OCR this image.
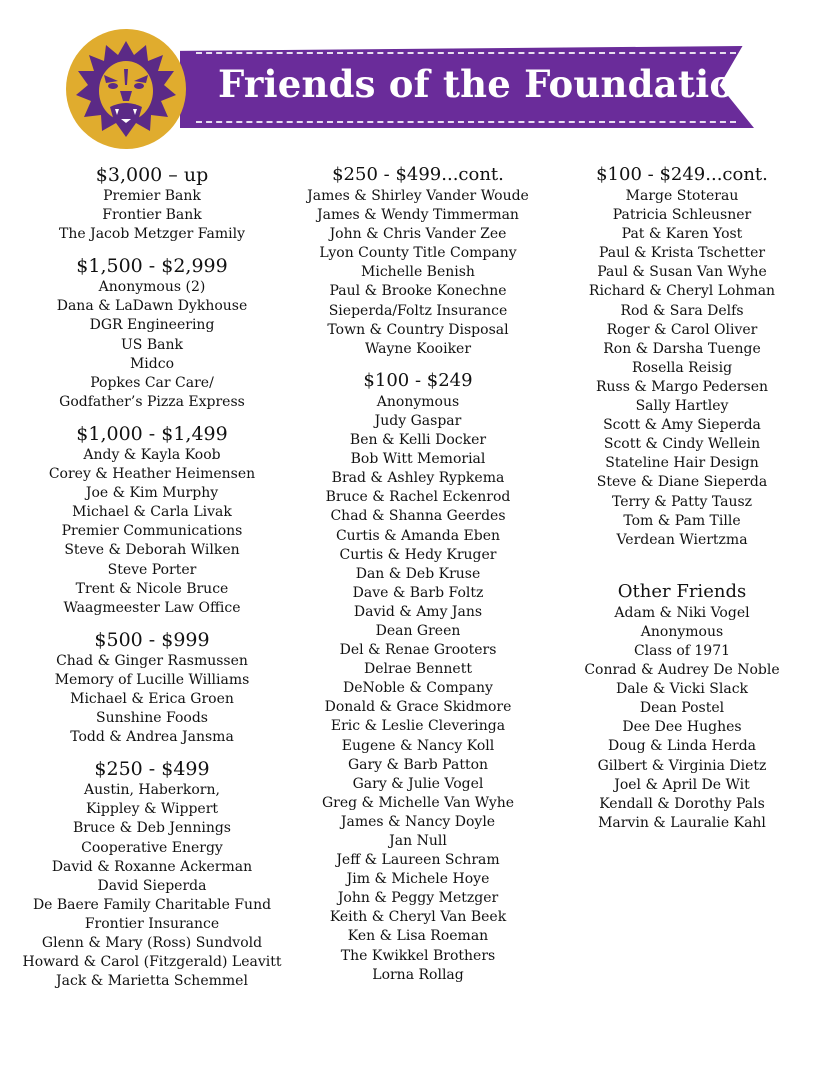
Friends of the Foundation
$3,000 – up
Premier Bank
Frontier Bank
The Jacob Metzger Family
$1,500 - $2,999
Anonymous (2)
Dana & LaDawn Dykhouse
DGR Engineering
US Bank
Midco
Popkes Car Care/
Godfather’s Pizza Express
$1,000 - $1,499
Andy & Kayla Koob
Corey & Heather Heimensen
Joe & Kim Murphy
Michael & Carla Livak
Premier Communications
Steve & Deborah Wilken
Steve Porter
Trent & Nicole Bruce
Waagmeester Law Office
$500 - $999
Chad & Ginger Rasmussen
Memory of Lucille Williams
Michael & Erica Groen
Sunshine Foods
Todd & Andrea Jansma
$250 - $499
Austin, Haberkorn,
Kippley & Wippert
Bruce & Deb Jennings
Cooperative Energy
David & Roxanne Ackerman
David Sieperda
De Baere Family Charitable Fund
Frontier Insurance
Glenn & Mary (Ross) Sundvold
Howard & Carol (Fitzgerald) Leavitt
Jack & Marietta Schemmel
$250 - $499...cont.
James & Shirley Vander Woude
James & Wendy Timmerman
John & Chris Vander Zee
Lyon County Title Company
Michelle Benish
Paul & Brooke Konechne
Sieperda/Foltz Insurance
Town & Country Disposal
Wayne Kooiker
$100 - $249
Anonymous
Judy Gaspar
Ben & Kelli Docker
Bob Witt Memorial
Brad & Ashley Rypkema
Bruce & Rachel Eckenrod
Chad & Shanna Geerdes
Curtis & Amanda Eben
Curtis & Hedy Kruger
Dan & Deb Kruse
Dave & Barb Foltz
David & Amy Jans
Dean Green
Del & Renae Grooters
Delrae Bennett
DeNoble & Company
Donald & Grace Skidmore
Eric & Leslie Cleveringa
Eugene & Nancy Koll
Gary & Barb Patton
Gary & Julie Vogel
Greg & Michelle Van Wyhe
James & Nancy Doyle
Jan Null
Jeff & Laureen Schram
Jim & Michele Hoye
John & Peggy Metzger
Keith & Cheryl Van Beek
Ken & Lisa Roeman
The Kwikkel Brothers
Lorna Rollag
$100 - $249...cont.
Marge Stoterau
Patricia Schleusner
Pat & Karen Yost
Paul & Krista Tschetter
Paul & Susan Van Wyhe
Richard & Cheryl Lohman
Rod & Sara Delfs
Roger & Carol Oliver
Ron & Darsha Tuenge
Rosella Reisig
Russ & Margo Pedersen
Sally Hartley
Scott & Amy Sieperda
Scott & Cindy Wellein
Stateline Hair Design
Steve & Diane Sieperda
Terry & Patty Tausz
Tom & Pam Tille
Verdean Wiertzma
Other Friends
Adam & Niki Vogel
Anonymous
Class of 1971
Conrad & Audrey De Noble
Dale & Vicki Slack
Dean Postel
Dee Dee Hughes
Doug & Linda Herda
Gilbert & Virginia Dietz
Joel & April De Wit
Kendall & Dorothy Pals
Marvin & Lauralie Kahl
